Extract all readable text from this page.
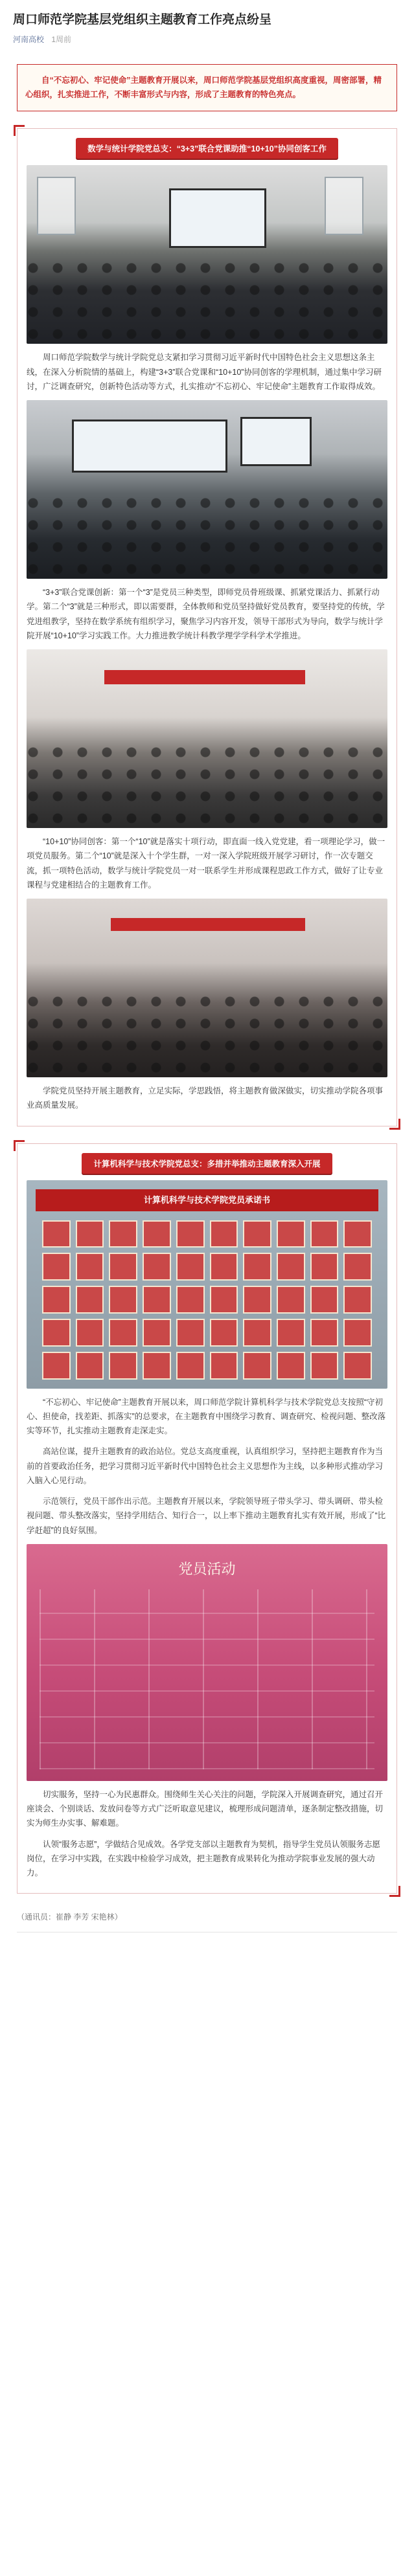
周口师范学院基层党组织主题教育工作亮点纷呈
河南高校 1周前

自“不忘初心、牢记使命”主题教育开展以来，周口师范学院基层党组织高度重视，周密部署，精心组织，扎实推进工作，不断丰富形式与内容，形成了主题教育的特色亮点。

数学与统计学院党总支：“3+3”联合党课助推“10+10”协同创客工作

周口师范学院数学与统计学院党总支紧扣学习贯彻习近平新时代中国特色社会主义思想这条主线，在深入分析院情的基础上，构建“3+3”联合党课和“10+10”协同创客的学理机制，通过集中学习研讨，广泛调查研究，创新特色活动等方式，扎实推动“不忘初心、牢记使命”主题教育工作取得成效。

“3+3”联合党课创新：第一个“3”是党员三种类型，即师党员骨班级课、抓紧党课活力、抓紧行动学。第二个“3”就是三种形式，即以需要群，全体教师和党员坚持做好党员教育，要坚持党的传统，学党进组教学，坚持在数学系统有组织学习，聚焦学习内容开发，领导干部形式为导向，数学与统计学院开展“10+10”学习实践工作。大力推进教学统计科教学理学学科学术学推进。

“10+10”协同创客：第一个“10”就是落实十项行动，即直面一线入党党建，看一项理论学习，做一项党员服务。第二个“10”就是深入十个学生群，一对一深入学院班级开展学习研讨，作一次专题交流，抓一项特色活动，数学与统计学院党员一对一联系学生并形成课程思政工作方式，做好了让专业课程与党建相结合的主题教育工作。

学院党员坚持开展主题教育，立足实际，学思践悟，将主题教育做深做实，切实推动学院各项事业高质量发展。

计算机科学与技术学院党总支：多措并举推动主题教育深入开展
计算机科学与技术学院党员承诺书

“不忘初心、牢记使命”主题教育开展以来，周口师范学院计算机科学与技术学院党总支按照“守初心、担使命，找差距、抓落实”的总要求，在主题教育中围绕学习教育、调查研究、检视问题、整改落实等环节，扎实推动主题教育走深走实。

高站位谋，提升主题教育的政治站位。党总支高度重视，认真组织学习，坚持把主题教育作为当前的首要政治任务，把学习贯彻习近平新时代中国特色社会主义思想作为主线，以多种形式推动学习入脑入心见行动。

示范领行，党员干部作出示范。主题教育开展以来，学院领导班子带头学习、带头调研、带头检视问题、带头整改落实，坚持学用结合、知行合一，以上率下推动主题教育扎实有效开展，形成了“比学赶超”的良好氛围。

党员活动

切实服务，坚持一心为民惠群众。围绕师生关心关注的问题，学院深入开展调查研究，通过召开座谈会、个别谈话、发放问卷等方式广泛听取意见建议，梳理形成问题清单，逐条制定整改措施，切实为师生办实事、解难题。

认领“服务志愿”，学做结合见成效。各学党支部以主题教育为契机，指导学生党员认领服务志愿岗位，在学习中实践，在实践中检验学习成效，把主题教育成果转化为推动学院事业发展的强大动力。

（通讯员：崔静 李芳 宋艳林）
